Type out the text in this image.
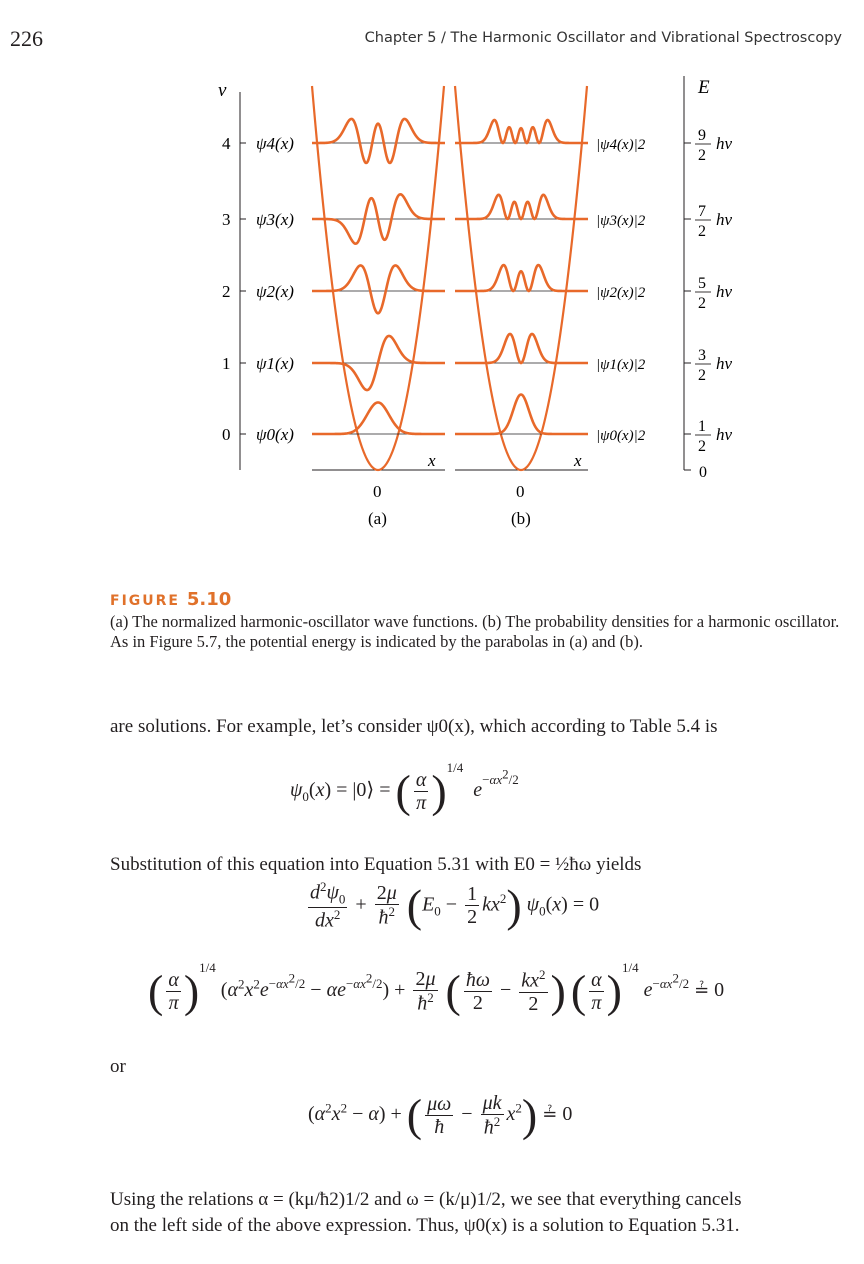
226	Chapter 5 / The Harmonic Oscillator and Vibrational Spectroscopy
v
4 ψ4(x)
3 ψ3(x)
2 ψ2(x)
1 ψ1(x)
0 ψ0(x)
x	x
0	0
(a)	(b)
E
|ψ4(x)|2
9
2
hν
|ψ3(x)|2
7
2
hν
|ψ2(x)|2
5
2
hν
|ψ1(x)|2
3
2
hν
|ψ0(x)|2
1
2
hν
0
FIGURE 5.10
(a) The normalized harmonic-oscillator wave functions. (b) The probability densities for a harmonic oscillator. As in Figure 5.7, the potential energy is indicated by the parabolas in (a) and (b).
are solutions. For example, let’s consider ψ0(x), which according to Table 5.4 is
$\psi_0(x)$ = |0⟩ = ( $\frac{\alpha}{\pi} )^{1/4}$  $e^{-\alpha x^2/2}$
Substitution of this equation into Equation 5.31 with E0 = ½ħω yields
$\frac{d^2\psi_0}{dx^2} + \frac{2\mu}{ħ^2} (E_0 - \frac{1}{2} kx^2) \psi_0(x) = 0$
( $\frac{\alpha}{\pi} )^{1/4}$ $(\alpha^2x^2e^{-\alpha x^2/2} - \alpha e^{-\alpha x^2/2}) + \frac{2\mu}{ħ^2}$ ( $\frac{ħ\omega}{2} - \frac{kx^2}{2}$ ) ( $\frac{\alpha}{\pi} )^{1/4}$ $e^{-\alpha x^2/2}$ ≟ 0
or
$(\alpha^2x^2 - \alpha)$ + ( $\frac{\mu\omega}{ħ} - \frac{\mu k}{ħ^2} x^2$) ≟ 0
Using the relations α = (kμ/ħ2)1/2 and ω = (k/μ)1/2, we see that everything cancels
on the left side of the above expression. Thus, ψ0(x) is a solution to Equation 5.31.
